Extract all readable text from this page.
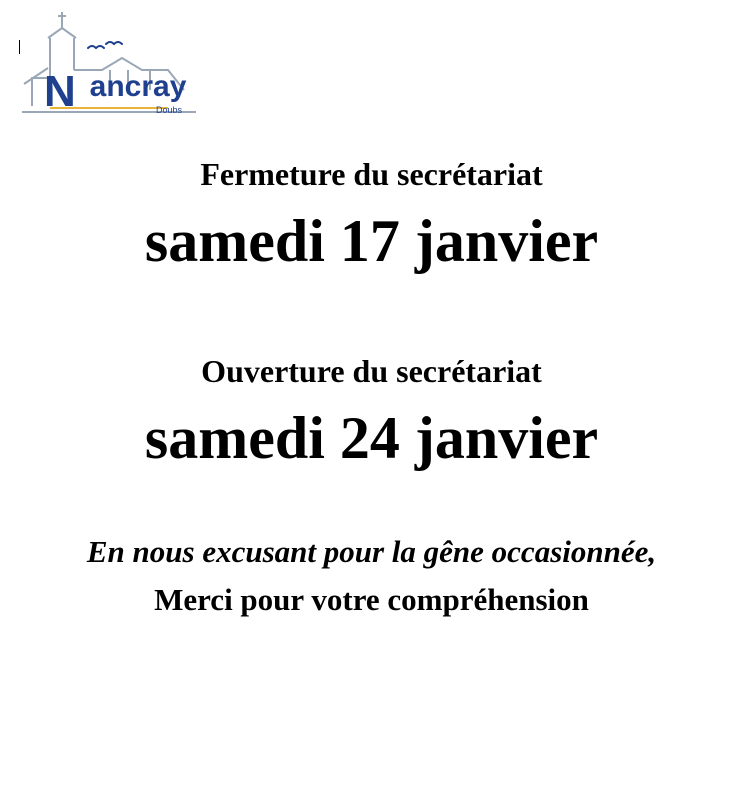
N ancray
Doubs
Fermeture du secrétariat
samedi 17 janvier
Ouverture du secrétariat
samedi 24 janvier
En nous excusant pour la gêne occasionnée,
Merci pour votre compréhension
